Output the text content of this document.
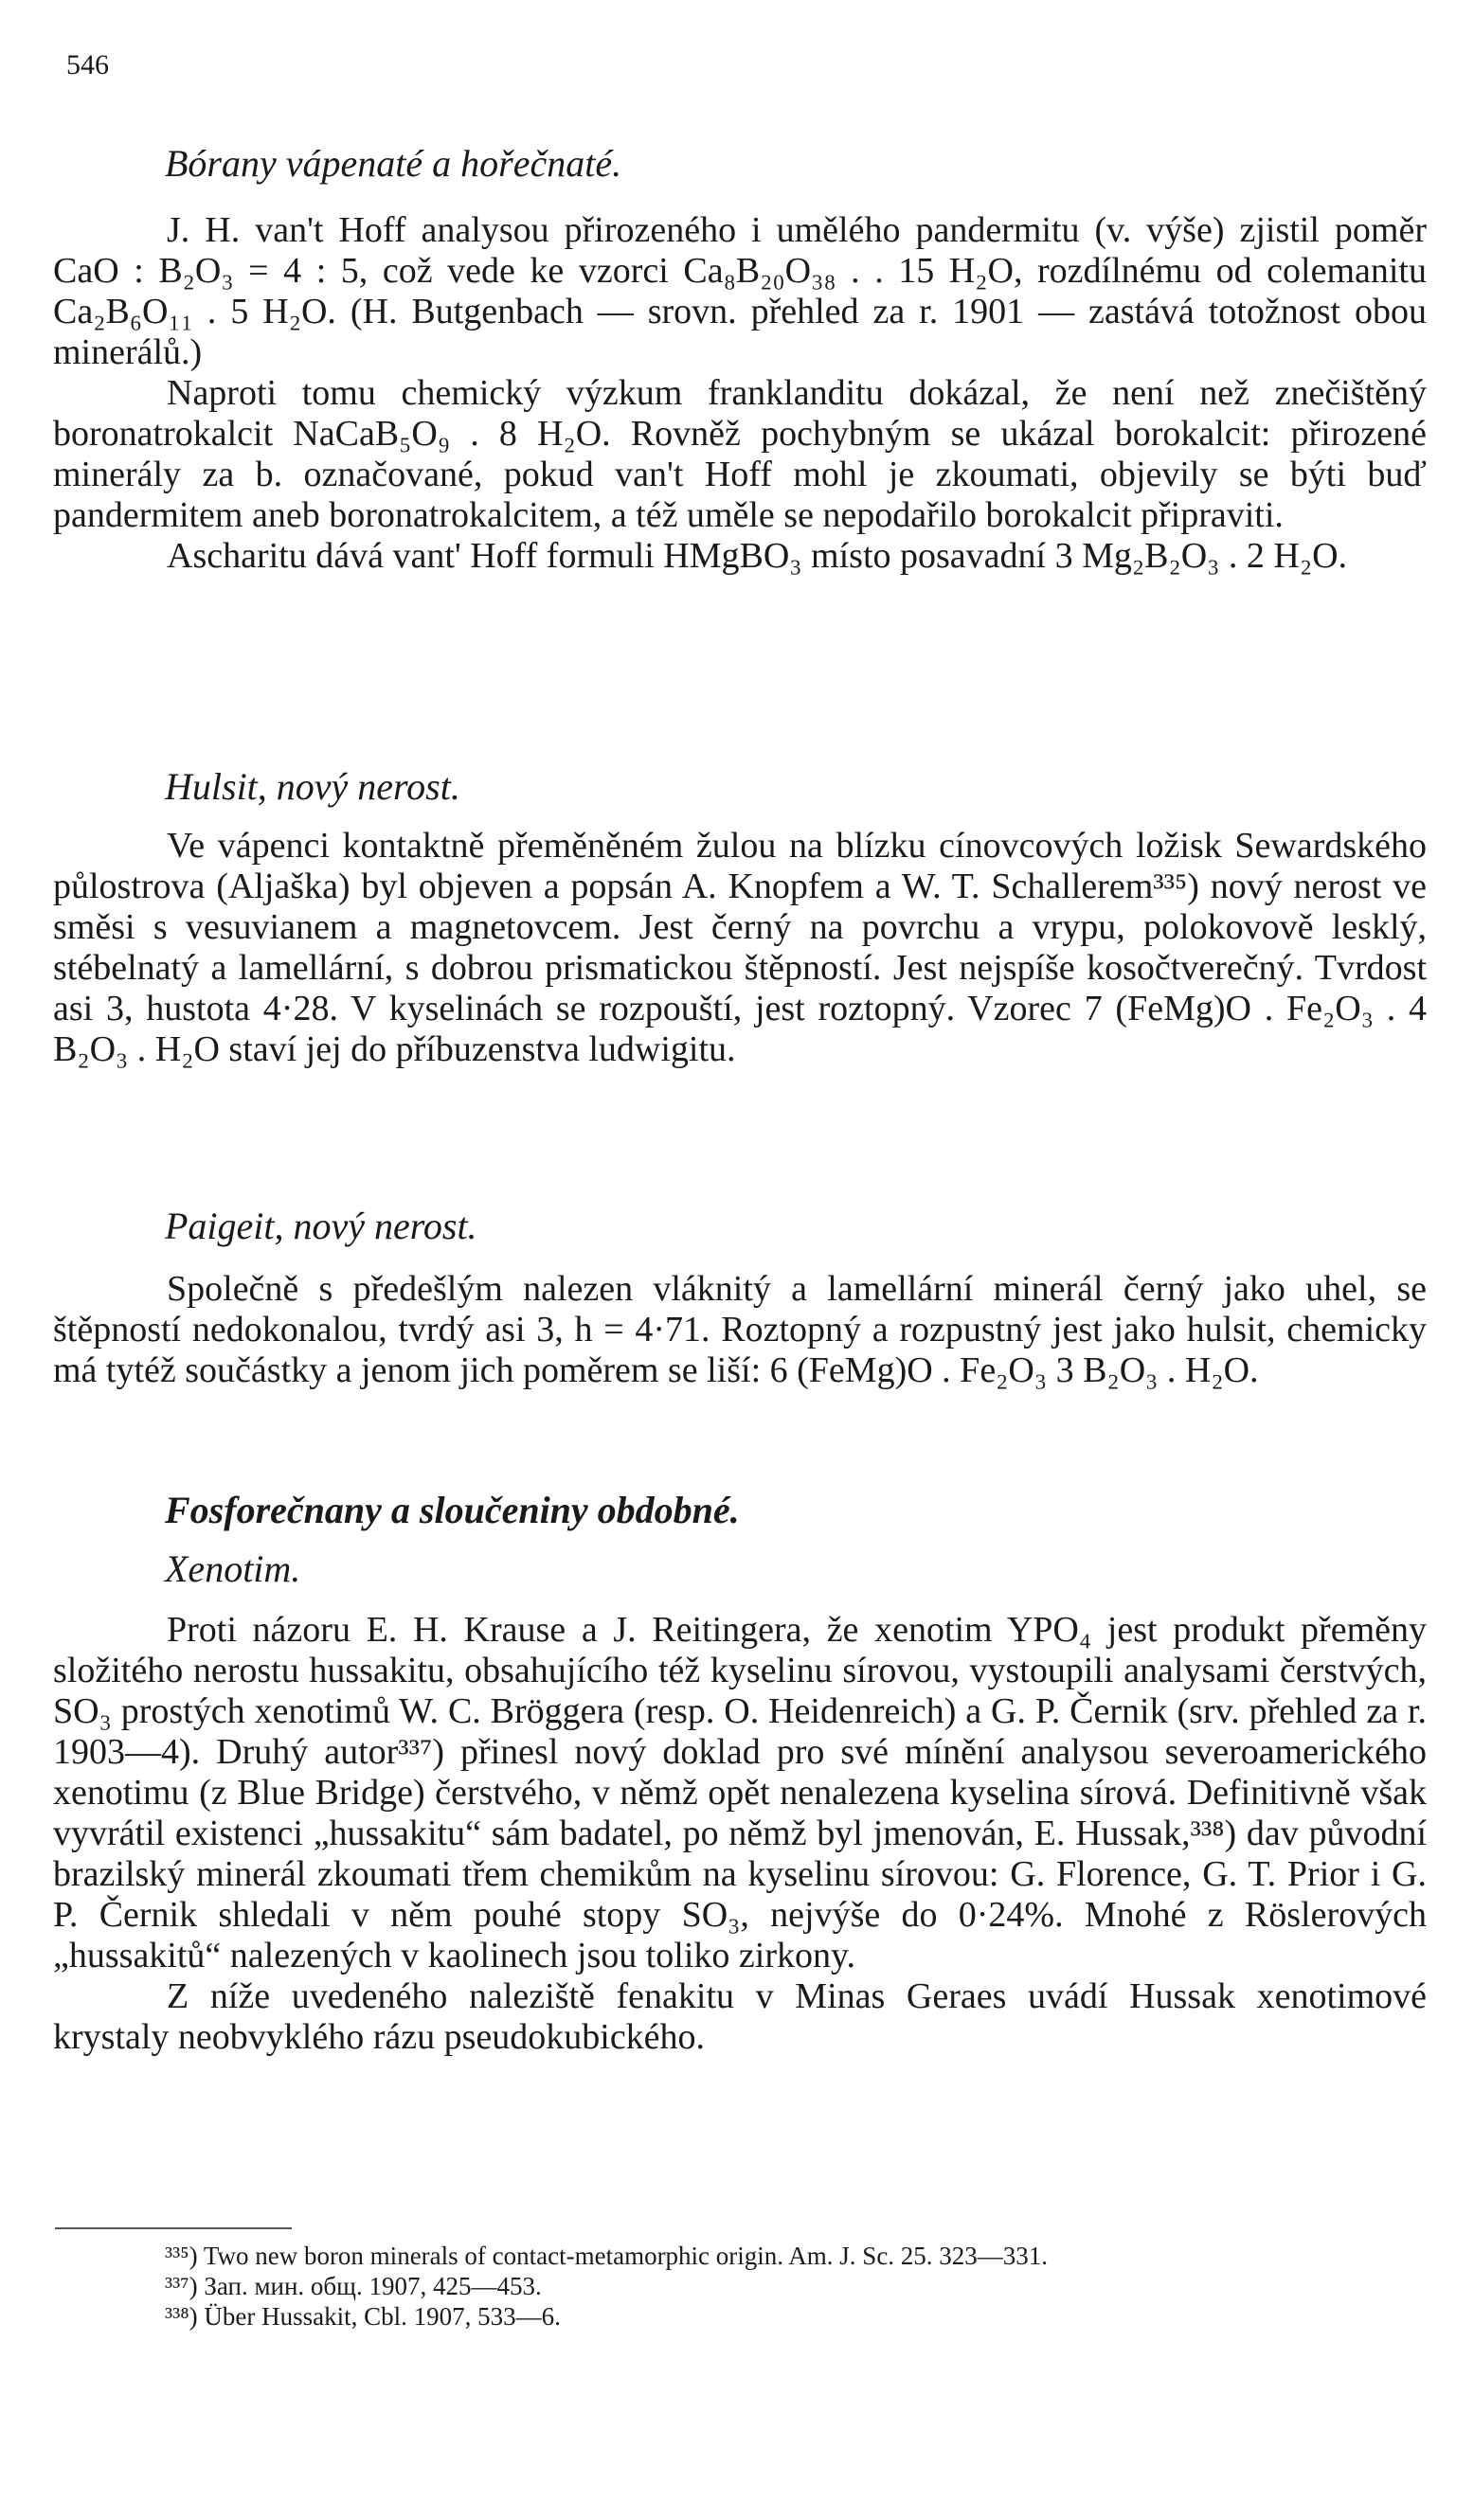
546

Bórany vápenaté a hořečnaté.

J. H. van't Hoff analysou přirozeného i umělého pandermitu (v. výše) zjistil poměr CaO : B₂O₃ = 4 : 5, což vede ke vzorci Ca₈B₂₀O₃₈ . . 15 H₂O, rozdílnému od colemanitu Ca₂B₆O₁₁ . 5 H₂O. (H. Butgenbach — srovn. přehled za r. 1901 — zastává totožnost obou minerálů.)

Naproti tomu chemický výzkum franklanditu dokázal, že není než znečištěný boronatrokalcit NaCaB₅O₉ . 8 H₂O. Rovněž pochybným se ukázal borokalcit: přirozené minerály za b. označované, pokud van't Hoff mohl je zkoumati, objevily se býti buď pandermitem aneb boronatrokalcitem, a též uměle se nepodařilo borokalcit připraviti.

Ascharitu dává vant' Hoff formuli HMgBO₃ místo posavadní 3 Mg₂B₂O₃ . 2 H₂O.

Hulsit, nový nerost.

Ve vápenci kontaktně přeměněném žulou na blízku cínovcových ložisk Sewardského půlostrova (Aljaška) byl objeven a popsán A. Knopfem a W. T. Schallerem³³⁵) nový nerost ve směsi s vesuvianem a magnetovcem. Jest černý na povrchu a vrypu, polokovově lesklý, stébelnatý a lamellární, s dobrou prismatickou štěpností. Jest nejspíše kosočtverečný. Tvrdost asi 3, hustota 4·28. V kyselinách se rozpouští, jest roztopný. Vzorec 7 (FeMg)O . Fe₂O₃ . 4 B₂O₃ . H₂O staví jej do příbuzenstva ludwigitu.

Paigeit, nový nerost.

Společně s předešlým nalezen vláknitý a lamellární minerál černý jako uhel, se štěpností nedokonalou, tvrdý asi 3, h = 4·71. Roztopný a rozpustný jest jako hulsit, chemicky má tytéž součástky a jenom jich poměrem se liší: 6 (FeMg)O . Fe₂O₃ 3 B₂O₃ . H₂O.

Fosforečnany a sloučeniny obdobné.

Xenotim.

Proti názoru E. H. Krause a J. Reitingera, že xenotim YPO₄ jest produkt přeměny složitého nerostu hussakitu, obsahujícího též kyselinu sírovou, vystoupili analysami čerstvých, SO₃ prostých xenotimů W. C. Bröggera (resp. O. Heidenreich) a G. P. Černik (srv. přehled za r. 1903—4). Druhý autor³³⁷) přinesl nový doklad pro své mínění analysou severoamerického xenotimu (z Blue Bridge) čerstvého, v němž opět nenalezena kyselina sírová. Definitivně však vyvrátil existenci „hussakitu“ sám badatel, po němž byl jmenován, E. Hussak,³³⁸) dav původní brazilský minerál zkoumati třem chemikům na kyselinu sírovou: G. Florence, G. T. Prior i G. P. Černik shledali v něm pouhé stopy SO₃, nejvýše do 0·24%. Mnohé z Röslerových „hussakitů“ nalezených v kaolinech jsou toliko zirkony.

Z níže uvedeného naleziště fenakitu v Minas Geraes uvádí Hussak xenotimové krystaly neobvyklého rázu pseudokubického.

³³⁵) Two new boron minerals of contact-metamorphic origin. Am. J. Sc. 25. 323—331.

³³⁷) Зап. мин. общ. 1907, 425—453.

³³⁸) Über Hussakit, Cbl. 1907, 533—6.
